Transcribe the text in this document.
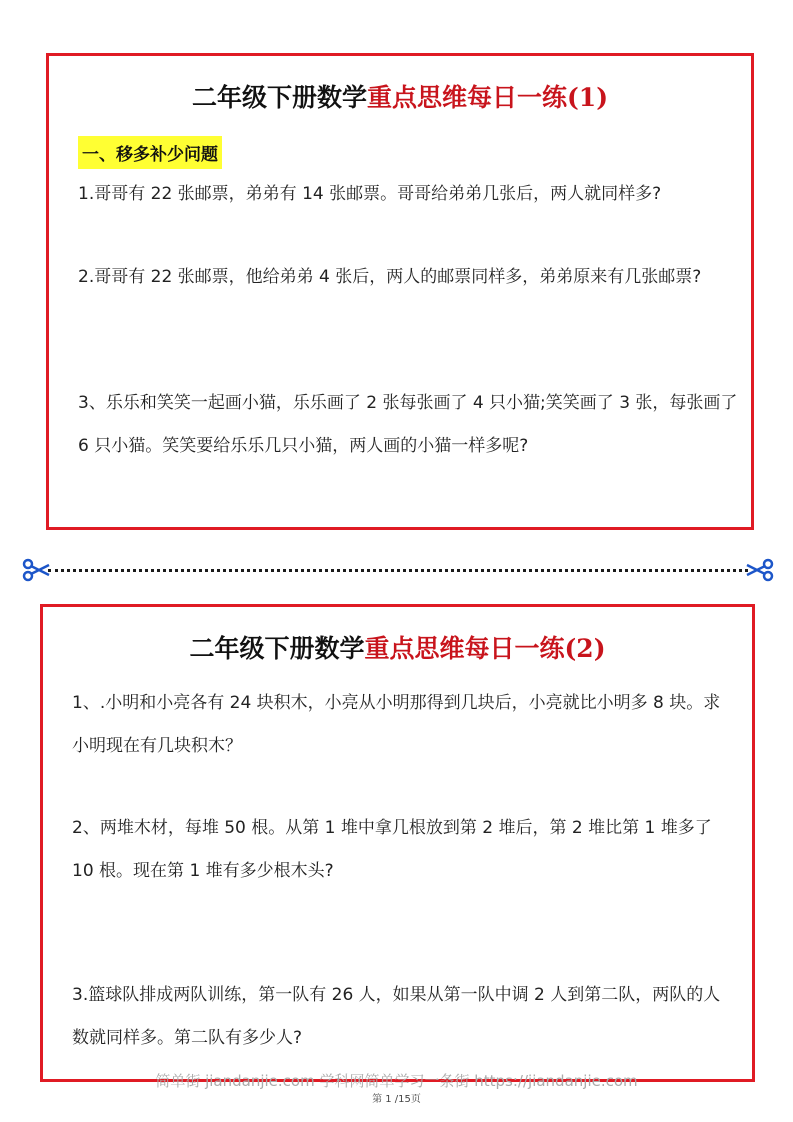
二年级下册数学重点思维每日一练(1)
一、移多补少问题
1.哥哥有 22 张邮票，弟弟有 14 张邮票。哥哥给弟弟几张后，两人就同样多?
2.哥哥有 22 张邮票，他给弟弟 4 张后，两人的邮票同样多，弟弟原来有几张邮票?
3、乐乐和笑笑一起画小猫，乐乐画了 2 张每张画了 4 只小猫;笑笑画了 3 张，每张画了 6 只小猫。笑笑要给乐乐几只小猫，两人画的小猫一样多呢?
二年级下册数学重点思维每日一练(2)
1、.小明和小亮各有 24 块积木，小亮从小明那得到几块后，小亮就比小明多 8 块。求小明现在有几块积木？
2、两堆木材，每堆 50 根。从第 1 堆中拿几根放到第 2 堆后，第 2 堆比第 1 堆多了 10 根。现在第 1 堆有多少根木头?
3.篮球队排成两队训练，第一队有 26 人，如果从第一队中调 2 人到第二队，两队的人数就同样多。第二队有多少人?
简单街 jiandanjie.com 学科网简单学习一条街 https://jiandanjie.com
第 1 /15页
